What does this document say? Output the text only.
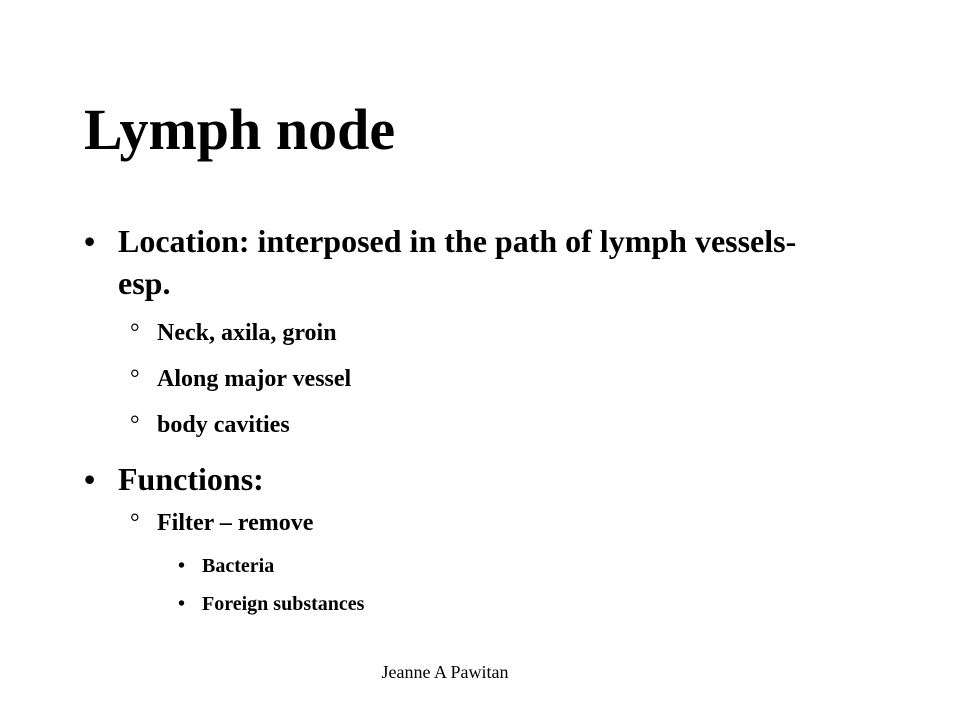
Lymph node
• Location: interposed in the path of lymph vessels-esp.
° Neck, axila, groin
° Along major vessel
° body cavities
• Functions:
° Filter – remove
• Bacteria
• Foreign substances
Jeanne A Pawitan
